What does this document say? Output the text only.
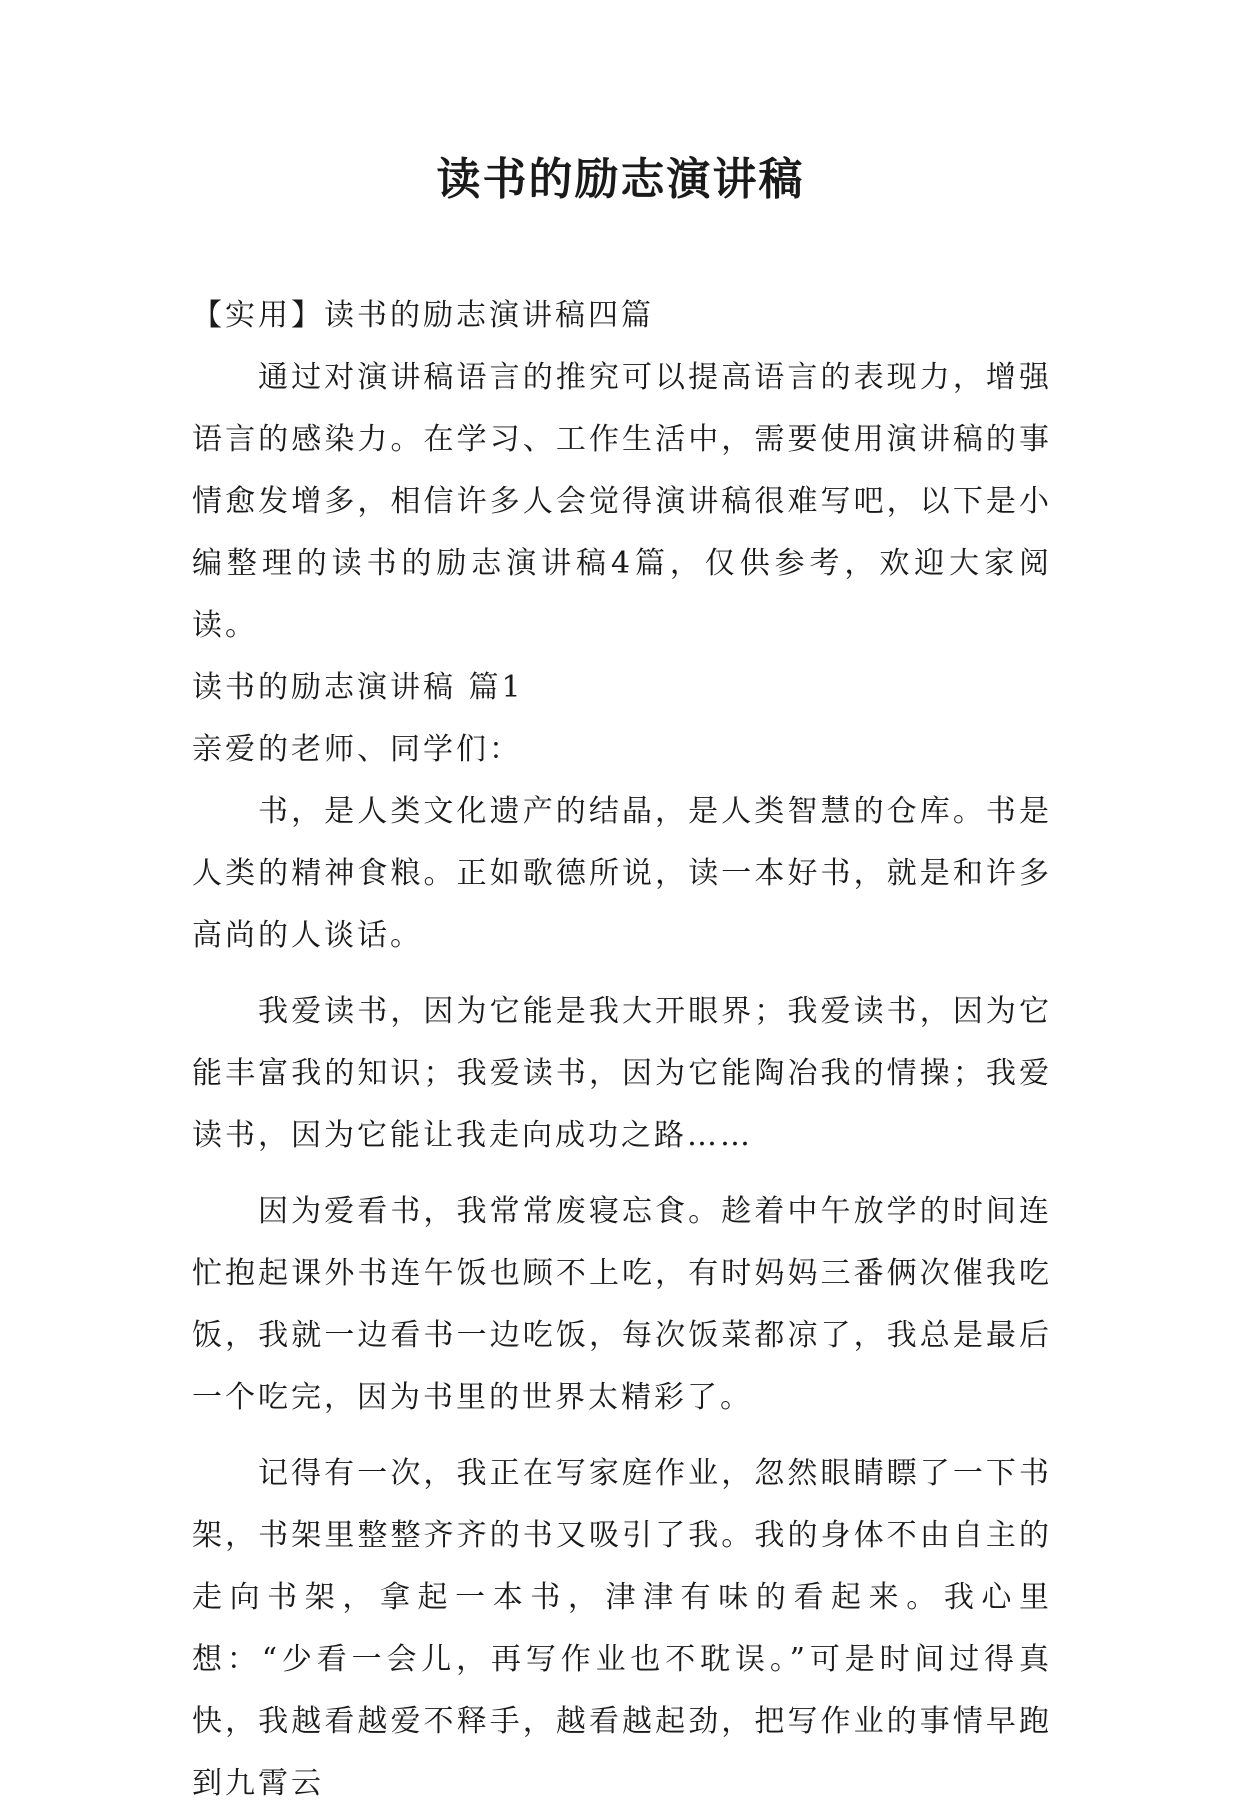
读书的励志演讲稿

【实用】读书的励志演讲稿四篇

通过对演讲稿语言的推究可以提高语言的表现力，增强语言的感染力。在学习、工作生活中，需要使用演讲稿的事情愈发增多，相信许多人会觉得演讲稿很难写吧，以下是小编整理的读书的励志演讲稿4篇，仅供参考，欢迎大家阅读。

读书的励志演讲稿 篇1

亲爱的老师、同学们：

书，是人类文化遗产的结晶，是人类智慧的仓库。书是人类的精神食粮。正如歌德所说，读一本好书，就是和许多高尚的人谈话。

我爱读书，因为它能是我大开眼界；我爱读书，因为它能丰富我的知识；我爱读书，因为它能陶冶我的情操；我爱读书，因为它能让我走向成功之路……

因为爱看书，我常常废寝忘食。趁着中午放学的时间连忙抱起课外书连午饭也顾不上吃，有时妈妈三番俩次催我吃饭，我就一边看书一边吃饭，每次饭菜都凉了，我总是最后一个吃完，因为书里的世界太精彩了。

记得有一次，我正在写家庭作业，忽然眼睛瞟了一下书架，书架里整整齐齐的书又吸引了我。我的身体不由自主的走向书架，拿起一本书，津津有味的看起来。我心里想：“少看一会儿，再写作业也不耽误。”可是时间过得真快，我越看越爱不释手，越看越起劲，把写作业的事情早跑到九霄云
